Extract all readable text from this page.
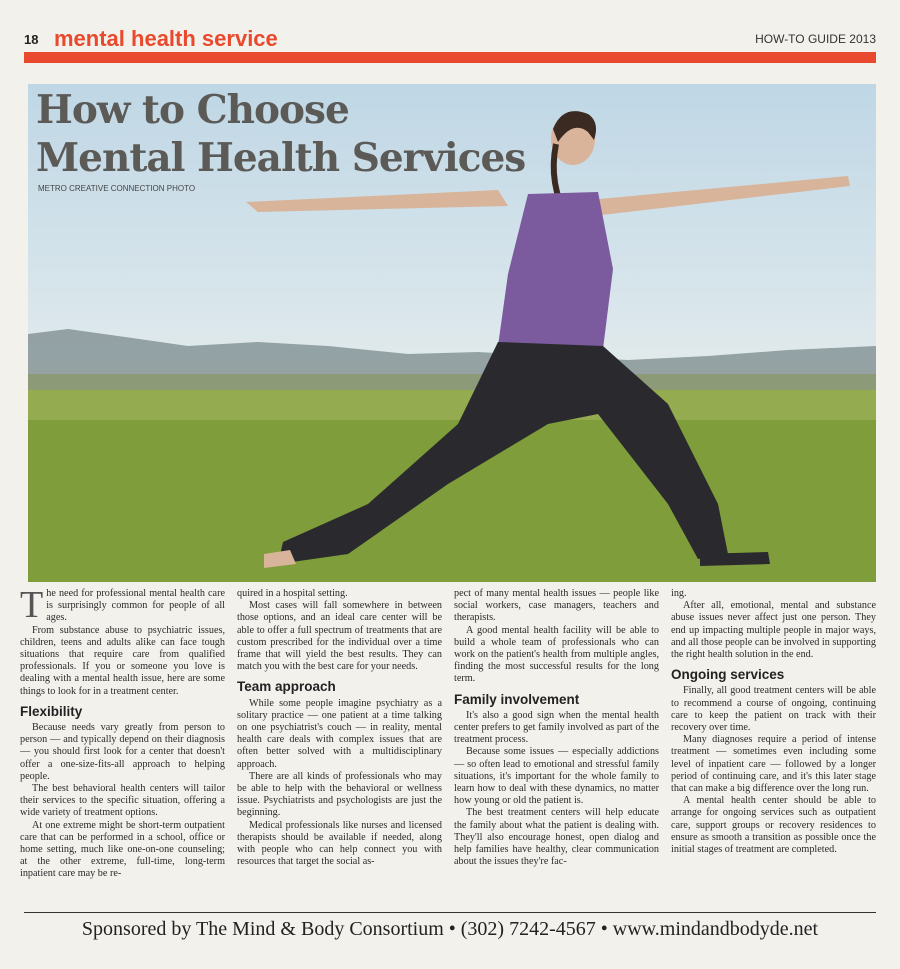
18 mental health service	HOW-TO GUIDE 2013
How to Choose
Mental Health Services
METRO CREATIVE CONNECTION PHOTO

The need for professional mental health care is surprisingly common for people of all ages.

From substance abuse to psychiatric issues, children, teens and adults alike can face tough situations that require care from qualified professionals. If you or someone you love is dealing with a mental health issue, here are some things to look for in a treatment center.

Flexibility

Because needs vary greatly from person to person — and typically depend on their diagnosis — you should first look for a center that doesn't offer a one-size-fits-all approach to helping people.

The best behavioral health centers will tailor their services to the specific situation, offering a wide variety of treatment options.

At one extreme might be short-term outpatient care that can be performed in a school, office or home setting, much like one-on-one counseling; at the other extreme, full-time, long-term inpatient care may be re-

quired in a hospital setting.

Most cases will fall somewhere in between those options, and an ideal care center will be able to offer a full spectrum of treatments that are custom prescribed for the individual over a time frame that will yield the best results. They can match you with the best care for your needs.

Team approach

While some people imagine psychiatry as a solitary practice — one patient at a time talking on one psychiatrist's couch — in reality, mental health care deals with complex issues that are often better solved with a multidisciplinary approach.

There are all kinds of professionals who may be able to help with the behavioral or wellness issue. Psychiatrists and psychologists are just the beginning.

Medical professionals like nurses and licensed therapists should be available if needed, along with people who can help connect you with resources that target the social as-

pect of many mental health issues — people like social workers, case managers, teachers and therapists.

A good mental health facility will be able to build a whole team of professionals who can work on the patient's health from multiple angles, finding the most successful results for the long term.

Family involvement

It's also a good sign when the mental health center prefers to get family involved as part of the treatment process.

Because some issues — especially addictions — so often lead to emotional and stressful family situations, it's important for the whole family to learn how to deal with these dynamics, no matter how young or old the patient is.

The best treatment centers will help educate the family about what the patient is dealing with. They'll also encourage honest, open dialog and help families have healthy, clear communication about the issues they're fac-

ing.

After all, emotional, mental and substance abuse issues never affect just one person. They end up impacting multiple people in major ways, and all those people can be involved in supporting the right health solution in the end.

Ongoing services

Finally, all good treatment centers will be able to recommend a course of ongoing, continuing care to keep the patient on track with their recovery over time.

Many diagnoses require a period of intense treatment — sometimes even including some level of inpatient care — followed by a longer period of continuing care, and it's this later stage that can make a big difference over the long run.

A mental health center should be able to arrange for ongoing services such as outpatient care, support groups or recovery residences to ensure as smooth a transition as possible once the initial stages of treatment are completed.

Sponsored by The Mind & Body Consortium • (302) 7242-4567 • www.mindandbodyde.net
